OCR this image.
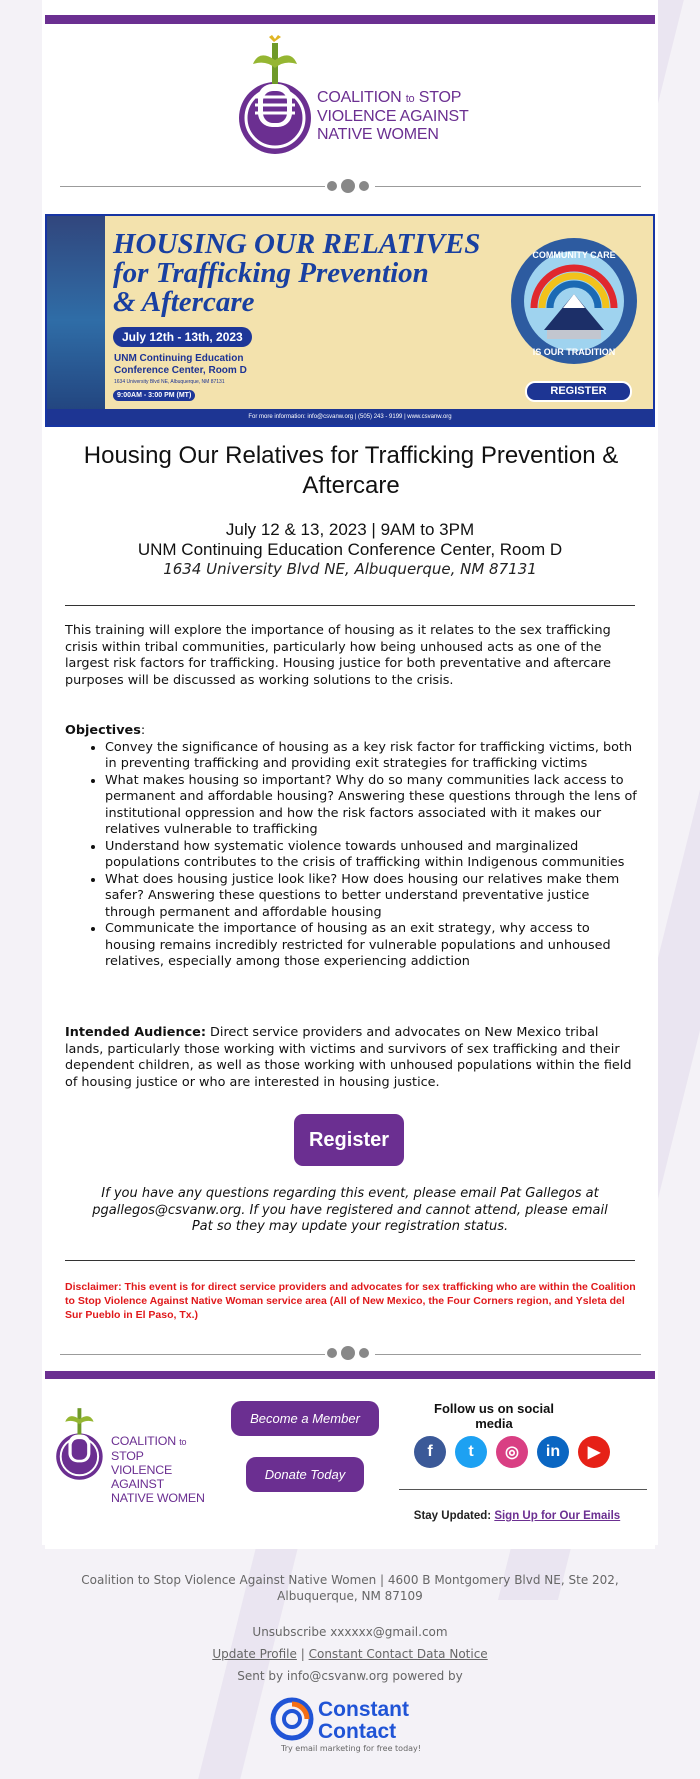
COALITION to STOP
VIOLENCE AGAINST
NATIVE WOMEN
HOUSING OUR RELATIVES
for Trafficking Prevention
& Aftercare
July 12th - 13th, 2023
UNM Continuing Education Conference Center, Room D
1634 University Blvd NE, Albuquerque, NM 87131
9:00AM - 3:00 PM (MT)
COMMUNITY CARE
IS OUR TRADITION
REGISTER
For more information: info@csvanw.org | (505) 243 - 9199 | www.csvanw.org
Housing Our Relatives for Trafficking Prevention & Aftercare
July 12 & 13, 2023 | 9AM to 3PM
UNM Continuing Education Conference Center, Room D
1634 University Blvd NE, Albuquerque, NM 87131

This training will explore the importance of housing as it relates to the sex trafficking crisis within tribal communities, particularly how being unhoused acts as one of the largest risk factors for trafficking. Housing justice for both preventative and aftercare purposes will be discussed as working solutions to the crisis.

Objectives:
• Convey the significance of housing as a key risk factor for trafficking victims, both in preventing trafficking and providing exit strategies for trafficking victims
• What makes housing so important? Why do so many communities lack access to permanent and affordable housing? Answering these questions through the lens of institutional oppression and how the risk factors associated with it makes our relatives vulnerable to trafficking
• Understand how systematic violence towards unhoused and marginalized populations contributes to the crisis of trafficking within Indigenous communities
• What does housing justice look like? How does housing our relatives make them safer? Answering these questions to better understand preventative justice through permanent and affordable housing
• Communicate the importance of housing as an exit strategy, why access to housing remains incredibly restricted for vulnerable populations and unhoused relatives, especially among those experiencing addiction

Intended Audience: Direct service providers and advocates on New Mexico tribal lands, particularly those working with victims and survivors of sex trafficking and their dependent children, as well as those working with unhoused populations within the field of housing justice or who are interested in housing justice.

Register

If you have any questions regarding this event, please email Pat Gallegos at pgallegos@csvanw.org. If you have registered and cannot attend, please email Pat so they may update your registration status.

Disclaimer: This event is for direct service providers and advocates for sex trafficking who are within the Coalition to Stop Violence Against Native Woman service area (All of New Mexico, the Four Corners region, and Ysleta del Sur Pueblo in El Paso, Tx.)

COALITION to STOP
VIOLENCE AGAINST
NATIVE WOMEN
Become a Member
Donate Today
Follow us on social media
f	t	◎	in	▶
Stay Updated: Sign Up for Our Emails
Coalition to Stop Violence Against Native Women | 4600 B Montgomery Blvd NE, Ste 202, Albuquerque, NM 87109
Unsubscribe xxxxxx@gmail.com
Update Profile | Constant Contact Data Notice
Sent by info@csvanw.org powered by
Constant
Contact
Try email marketing for free today!
